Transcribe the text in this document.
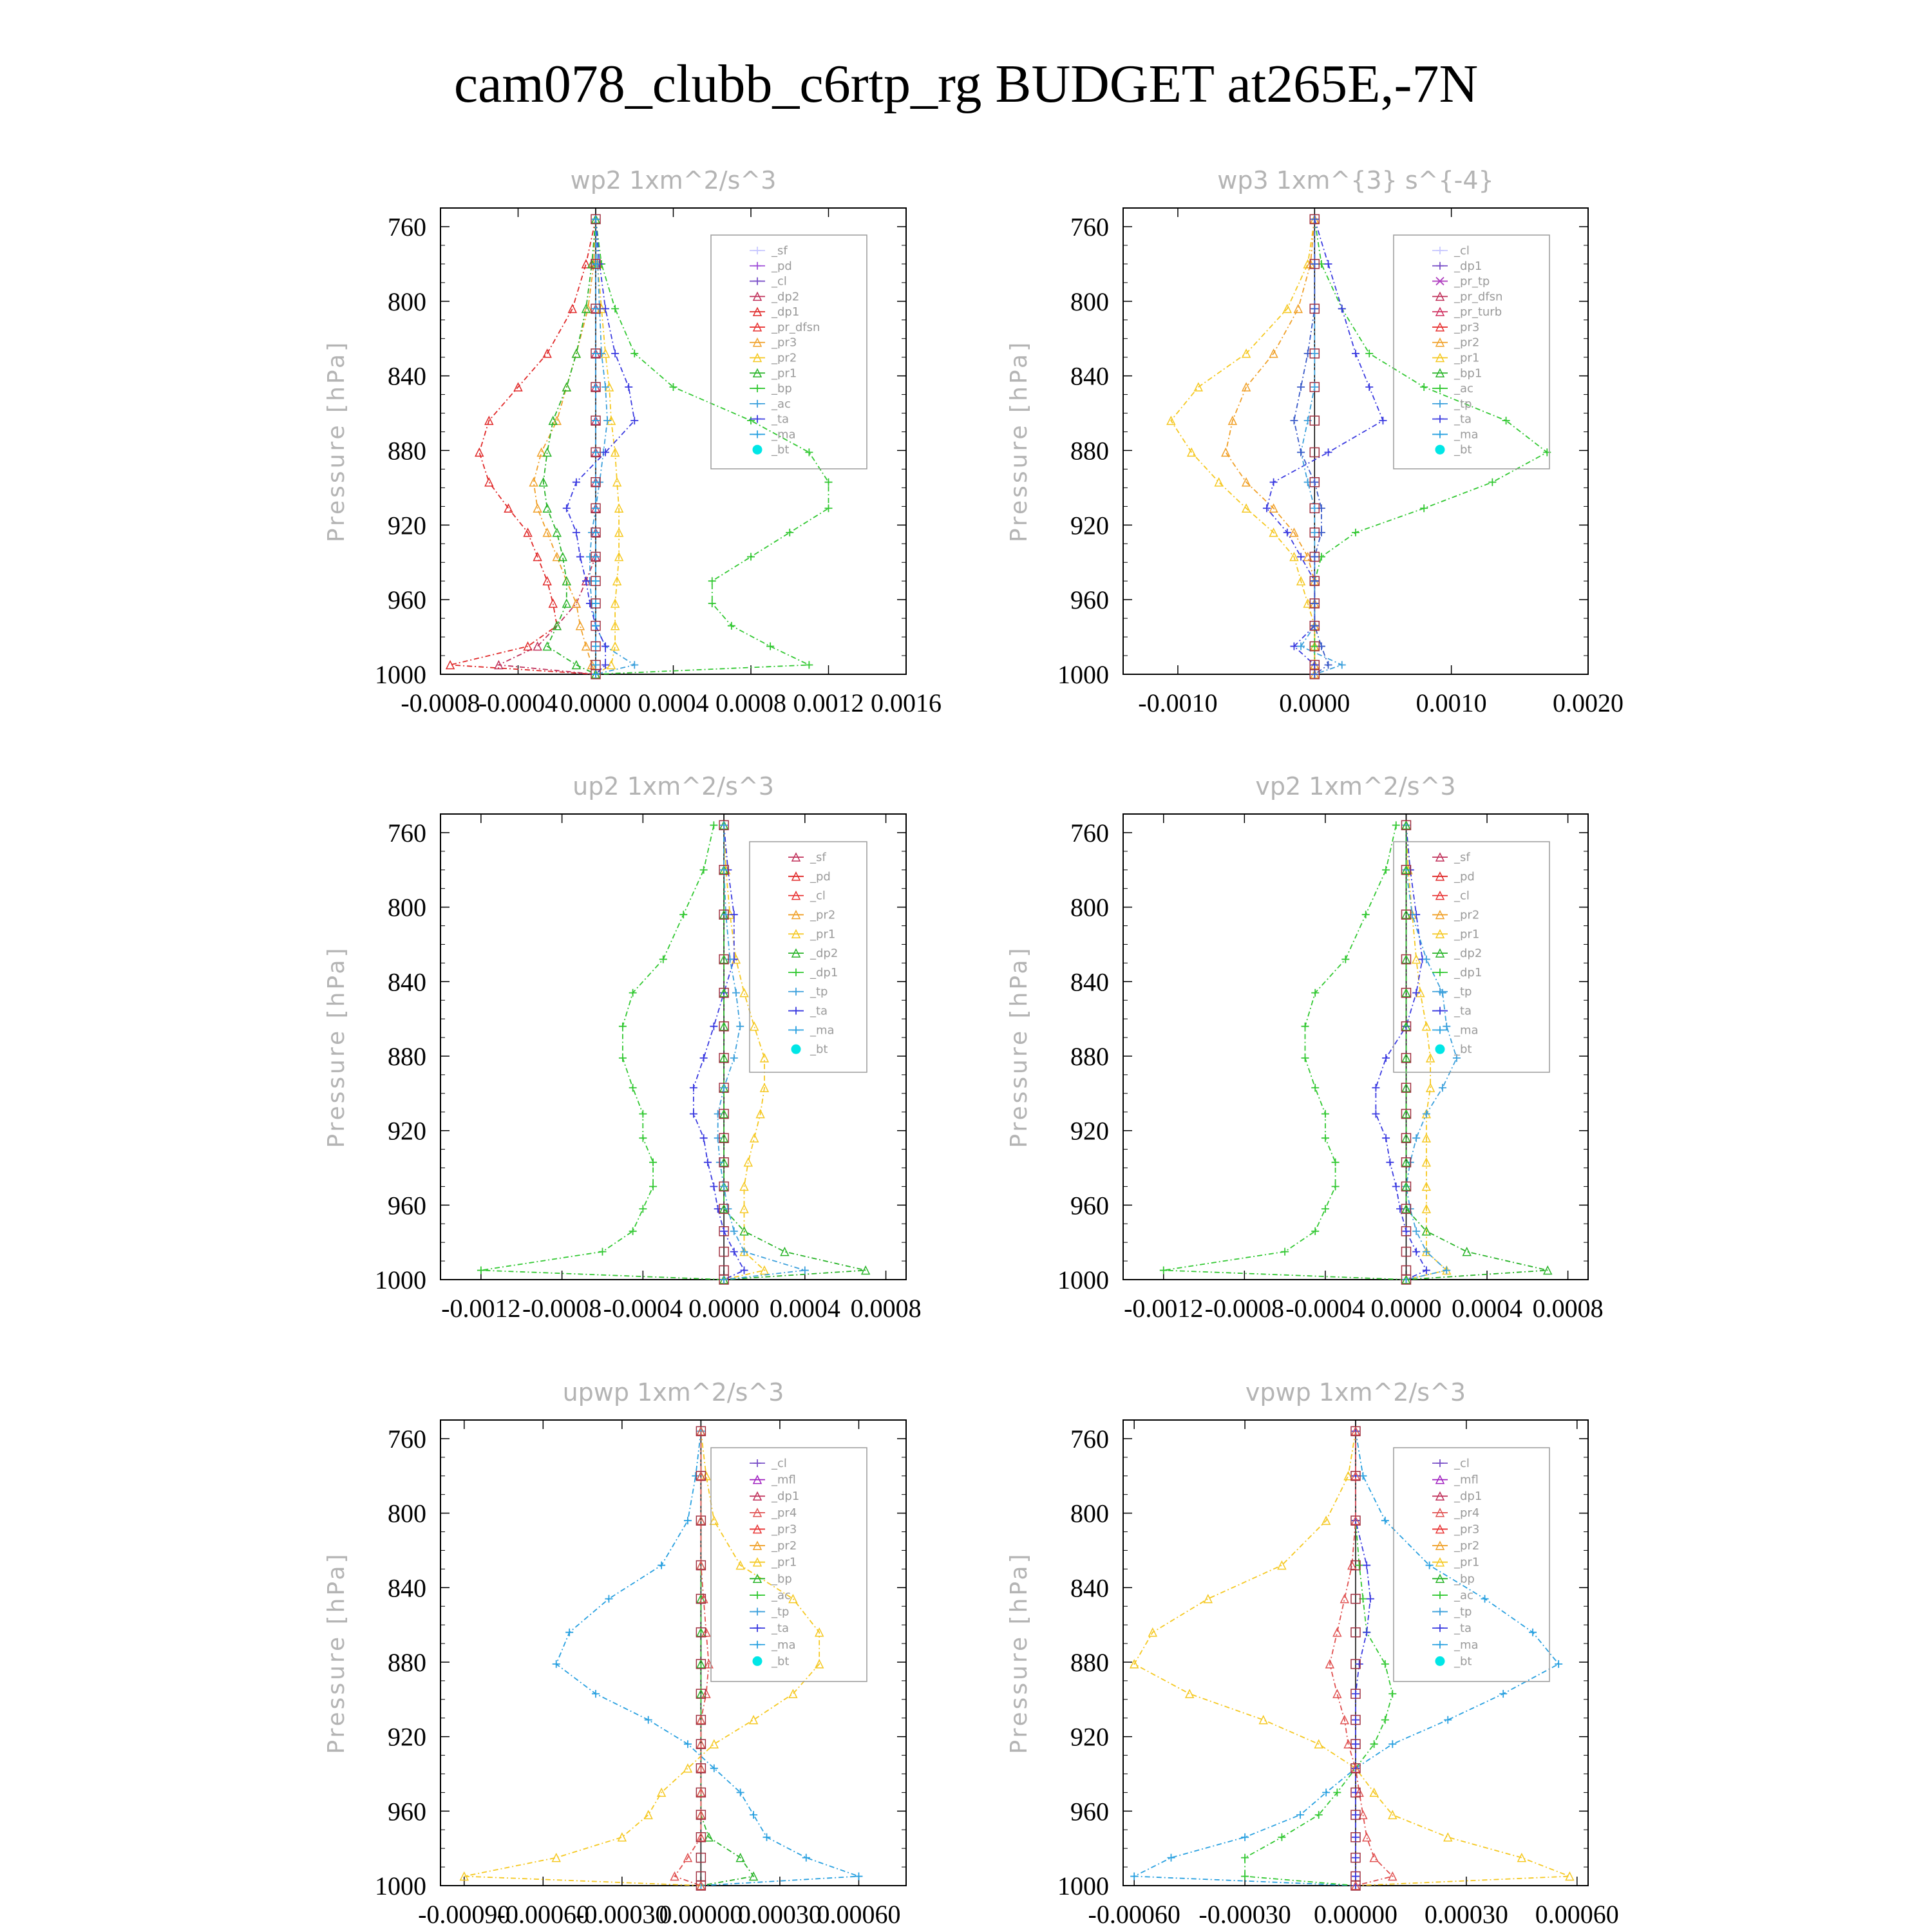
cam078_clubb_c6rtp_rg BUDGET at265E,-7N
wp2 1xm^2/s^3
Pressure [hPa]
760
800
840
880
920
960
1000
-0.0008
-0.0004 0.0000 0.0004 0.0008 0.0012 0.0016
_sf
_pd
_cl
_dp2
_dp1
_pr_dfsn
_pr3
_pr2
_pr1
_bp
_ac
_ta
_ma
_bt
wp3 1xm^{3} s^{-4}
Pressure [hPa]
760
800
840
880
920
960
1000
-0.0010 0.0000	0.0010	0.0020
_cl
_dp1
_pr_tp
_pr_dfsn
_pr_turb
_pr3
_pr2
_pr1
_bp1
_ac
_tp
_ta
_ma
_bt
up2 1xm^2/s^3
Pressure [hPa]
760
800
840
880
920
960
1000
-0.0012 -0.0008 -0.0004 0.0000 0.0004 0.0008
_sf
_pd
_cl
_pr2
_pr1
_dp2
_dp1
_tp
_ta
_ma
_bt
vp2 1xm^2/s^3
Pressure [hPa]
760
800
840
880
920
960
1000
-0.0012 -0.0008 -0.0004 0.0000 0.0004 0.0008
_sf
_pd
_cl
_pr2
_pr1
_dp2
_dp1
_tp
_ta
_ma
_bt
upwp 1xm^2/s^3
Pressure [hPa]
760
800
840
880
920
960
1000
-0.00090
-0.00060
-0.00030
0.00000
0.00030
0.00060
_cl
_mfl
_dp1
_pr4
_pr3
_pr2
_pr1
_bp
_ac
_tp
_ta
_ma
_bt
vpwp 1xm^2/s^3
Pressure [hPa]
760
800
840
880
920
960
1000
-0.00060 -0.00030 0.00000 0.00030 0.00060
_cl
_mfl
_dp1
_pr4
_pr3
_pr2
_pr1
_bp
_ac
_tp
_ta
_ma
_bt
